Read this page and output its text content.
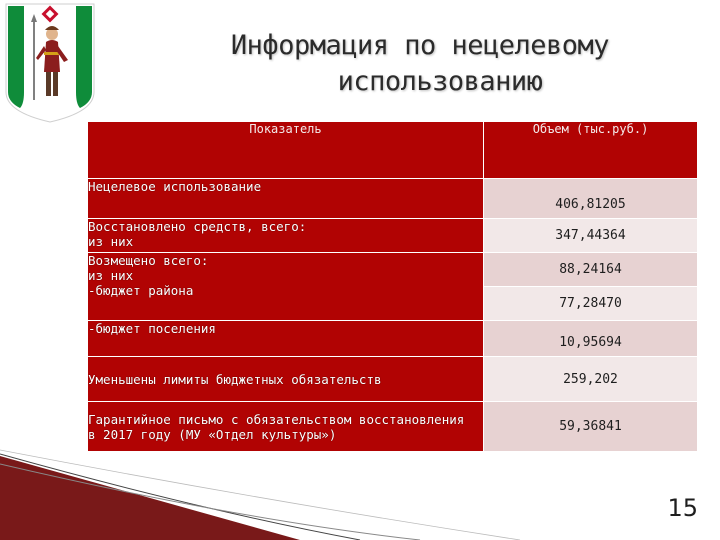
Информация по нецелевому
использованию
Показатель	Объем (тыс.руб.)

Нецелевое использование	406,81205

Восстановлено средств, всего:
из них	347,44364

Возмещено всего:
из них
-бюджет района	88,24164
	77,28470

-бюджет поселения	10,95694

Уменьшены лимиты бюджетных обязательств	259,202

Гарантийное письмо с обязательством восстановления
в 2017 году (МУ «Отдел культуры»)	59,36841
15
